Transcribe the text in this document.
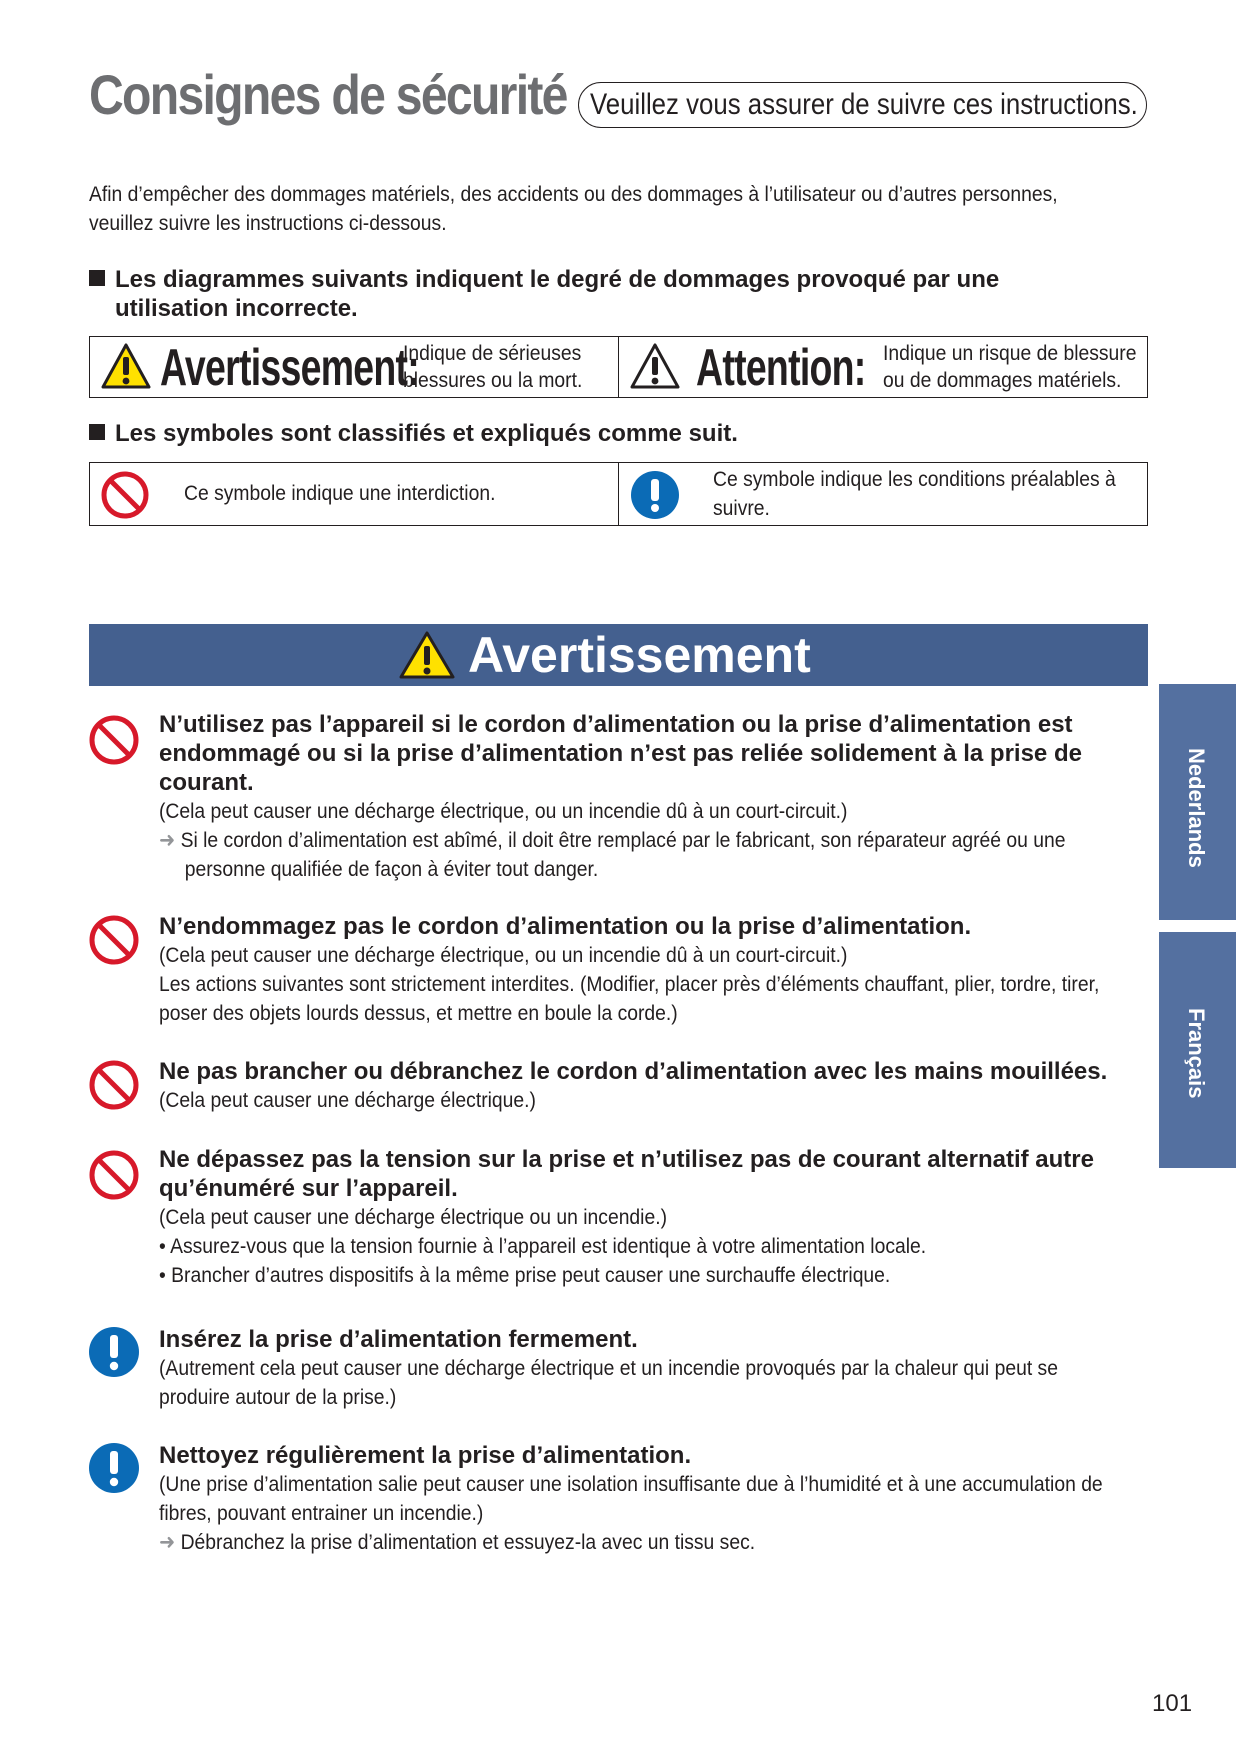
Consignes de sécurité Veuillez vous assurer de suivre ces instructions.
Afin d’empêcher des dommages matériels, des accidents ou des dommages à l’utilisateur ou d’autres personnes,
veuillez suivre les instructions ci-dessous.
Les diagrammes suivants indiquent le degré de dommages provoqué par une
utilisation incorrecte.
Avertissement:
Indique de sérieuses
blessures ou la mort. Attention: Indique un risque de blessure
ou de dommages matériels.
Les symboles sont classifiés et expliqués comme suit.
Ce symbole indique une interdiction.
Ce symbole indique les conditions préalables à
suivre.
Avertissement
Nederlands
Français
N’utilisez pas l’appareil si le cordon d’alimentation ou la prise d’alimentation est
endommagé ou si la prise d’alimentation n’est pas reliée solidement à la prise de
courant.
(Cela peut causer une décharge électrique, ou un incendie dû à un court-circuit.)
➜ Si le cordon d’alimentation est abîmé, il doit être remplacé par le fabricant, son réparateur agréé ou une
personne qualifiée de façon à éviter tout danger.
N’endommagez pas le cordon d’alimentation ou la prise d’alimentation.
(Cela peut causer une décharge électrique, ou un incendie dû à un court-circuit.)
Les actions suivantes sont strictement interdites. (Modifier, placer près d’éléments chauffant, plier, tordre, tirer,
poser des objets lourds dessus, et mettre en boule la corde.)
Ne pas brancher ou débranchez le cordon d’alimentation avec les mains mouillées.
(Cela peut causer une décharge électrique.)
Ne dépassez pas la tension sur la prise et n’utilisez pas de courant alternatif autre
qu’énuméré sur l’appareil.
(Cela peut causer une décharge électrique ou un incendie.)
• Assurez-vous que la tension fournie à l’appareil est identique à votre alimentation locale.
• Brancher d’autres dispositifs à la même prise peut causer une surchauffe électrique.
Insérez la prise d’alimentation fermement.
(Autrement cela peut causer une décharge électrique et un incendie provoqués par la chaleur qui peut se
produire autour de la prise.)
Nettoyez régulièrement la prise d’alimentation.
(Une prise d’alimentation salie peut causer une isolation insuffisante due à l’humidité et à une accumulation de
fibres, pouvant entrainer un incendie.)
➜ Débranchez la prise d’alimentation et essuyez-la avec un tissu sec.
101
